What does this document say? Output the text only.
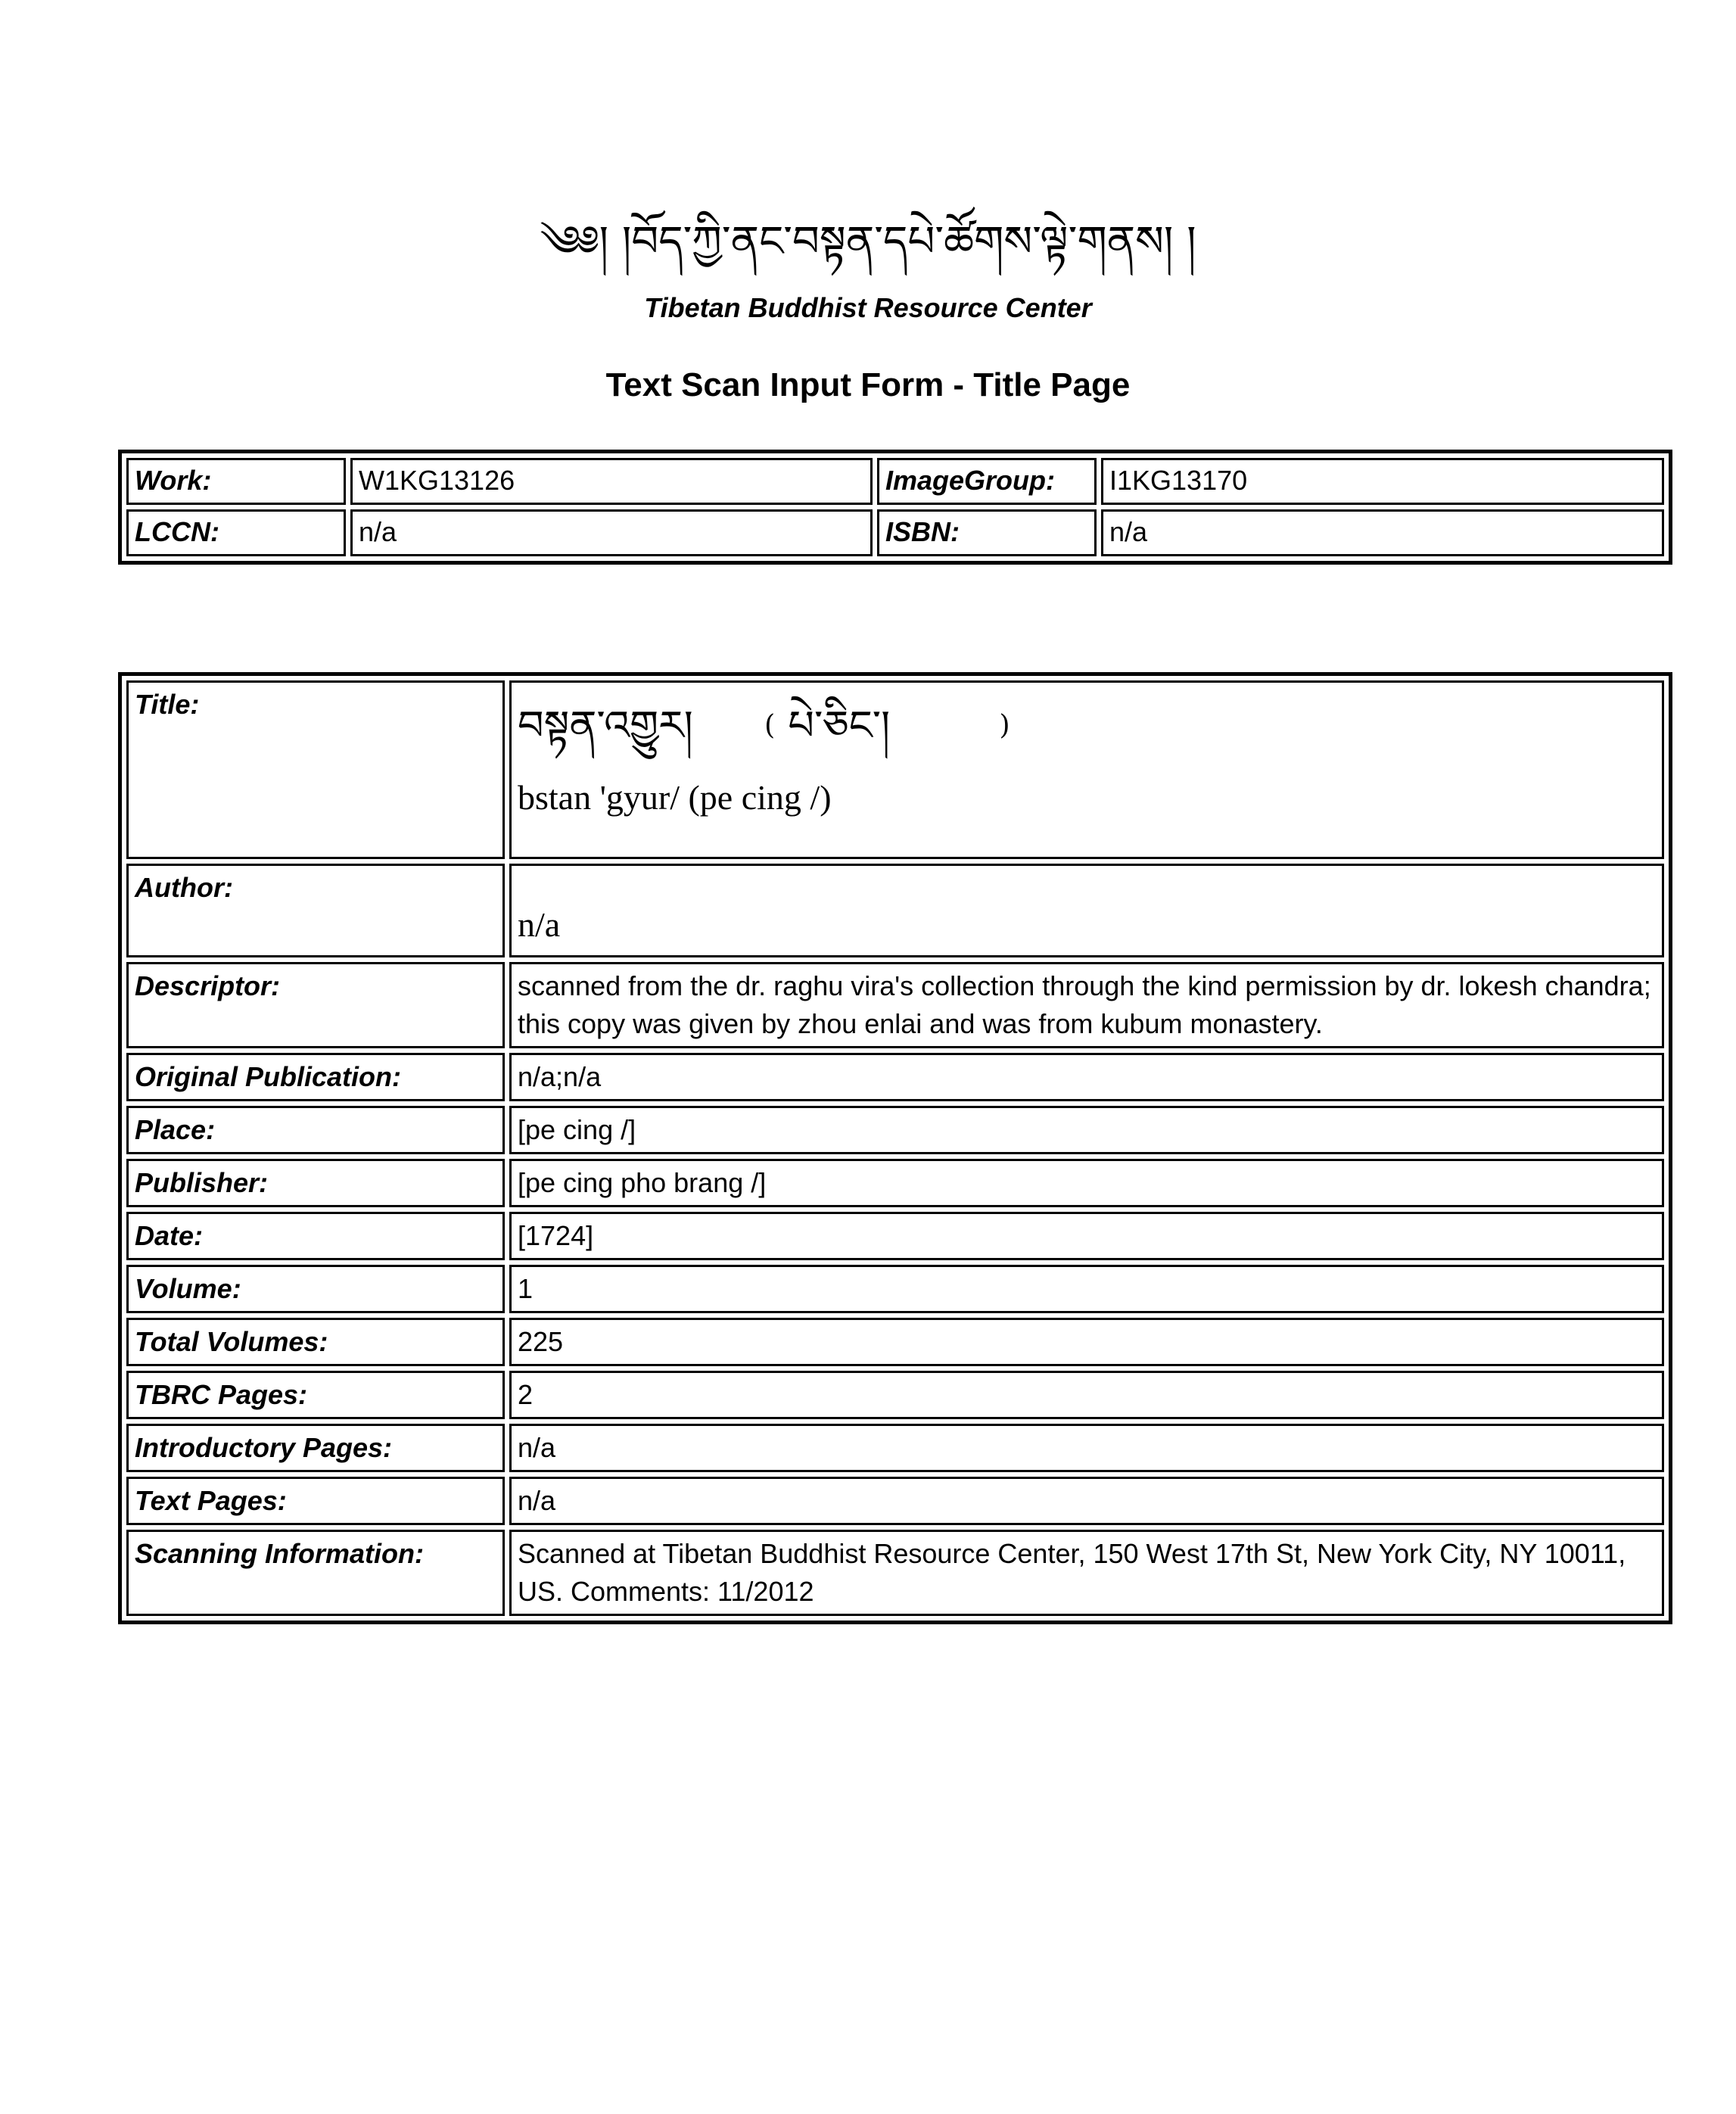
༄༅། །བོད་ཀྱི་ནང་བསྟན་དཔེ་ཚོགས་ལྟེ་གནས། །
Tibetan Buddhist Resource Center
Text Scan Input Form - Title Page
Work:	W1KG13126	ImageGroup:	I1KG13170
LCCN:	n/a	ISBN:	n/a
Title:	བསྟན་འགྱུར། ( པེ་ཅིང་། )
bstan 'gyur/ (pe cing /)

Author:	n/a

Descriptor:	scanned from the dr. raghu vira's collection through the kind permission by dr. lokesh chandra; this copy was given by zhou enlai and was from kubum monastery.
Original Publication:	n/a;n/a
Place:	[pe cing /]
Publisher:	[pe cing pho brang /]
Date:	[1724]
Volume:	1
Total Volumes:	225
TBRC Pages:	2
Introductory Pages:	n/a
Text Pages:	n/a
Scanning Information:	Scanned at Tibetan Buddhist Resource Center, 150 West 17th St, New York City, NY 10011, US. Comments: 11/2012
